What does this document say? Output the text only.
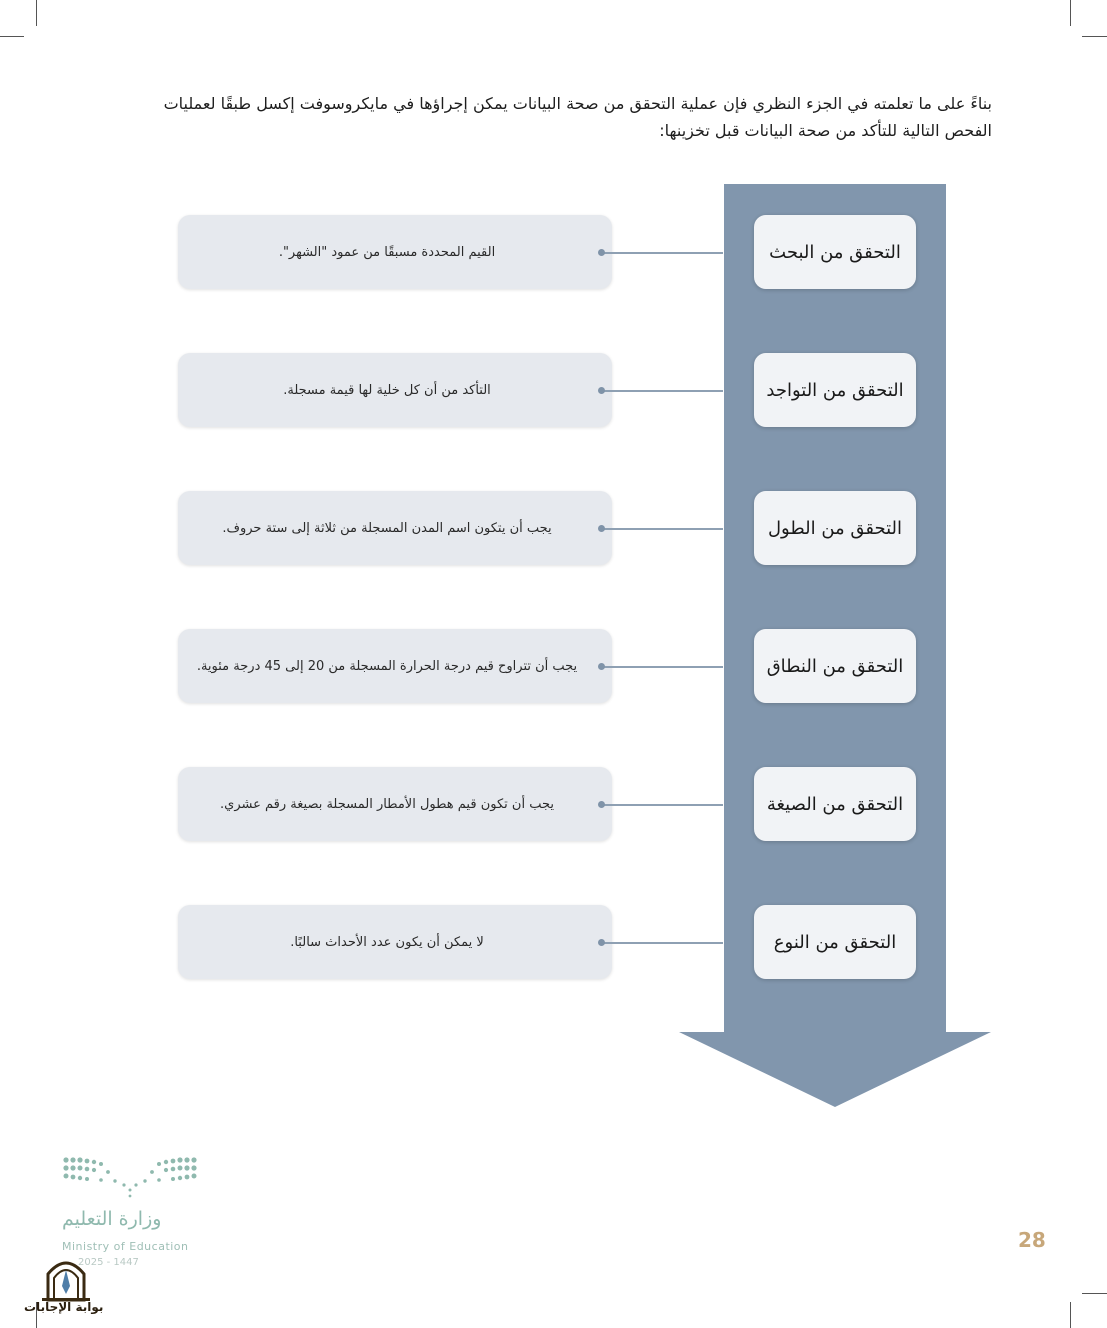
بناءً على ما تعلمته في الجزء النظري فإن عملية التحقق من صحة البيانات يمكن إجراؤها في مايكروسوفت إكسل طبقًا لعمليات
الفحص التالية للتأكد من صحة البيانات قبل تخزينها:
القيم المحددة مسبقًا من عمود "الشهر".	التحقق من البحث
التأكد من أن كل خلية لها قيمة مسجلة.	التحقق من التواجد
يجب أن يتكون اسم المدن المسجلة من ثلاثة إلى ستة حروف.	التحقق من الطول
يجب أن تتراوح قيم درجة الحرارة المسجلة من 20 إلى 45 درجة مئوية.	التحقق من النطاق
يجب أن تكون قيم هطول الأمطار المسجلة بصيغة رقم عشري.	التحقق من الصيغة
لا يمكن أن يكون عدد الأحداث سالبًا.	التحقق من النوع
وزارة التعليم
Ministry of Education
2025 - 1447
بوابة الإجابات
28
